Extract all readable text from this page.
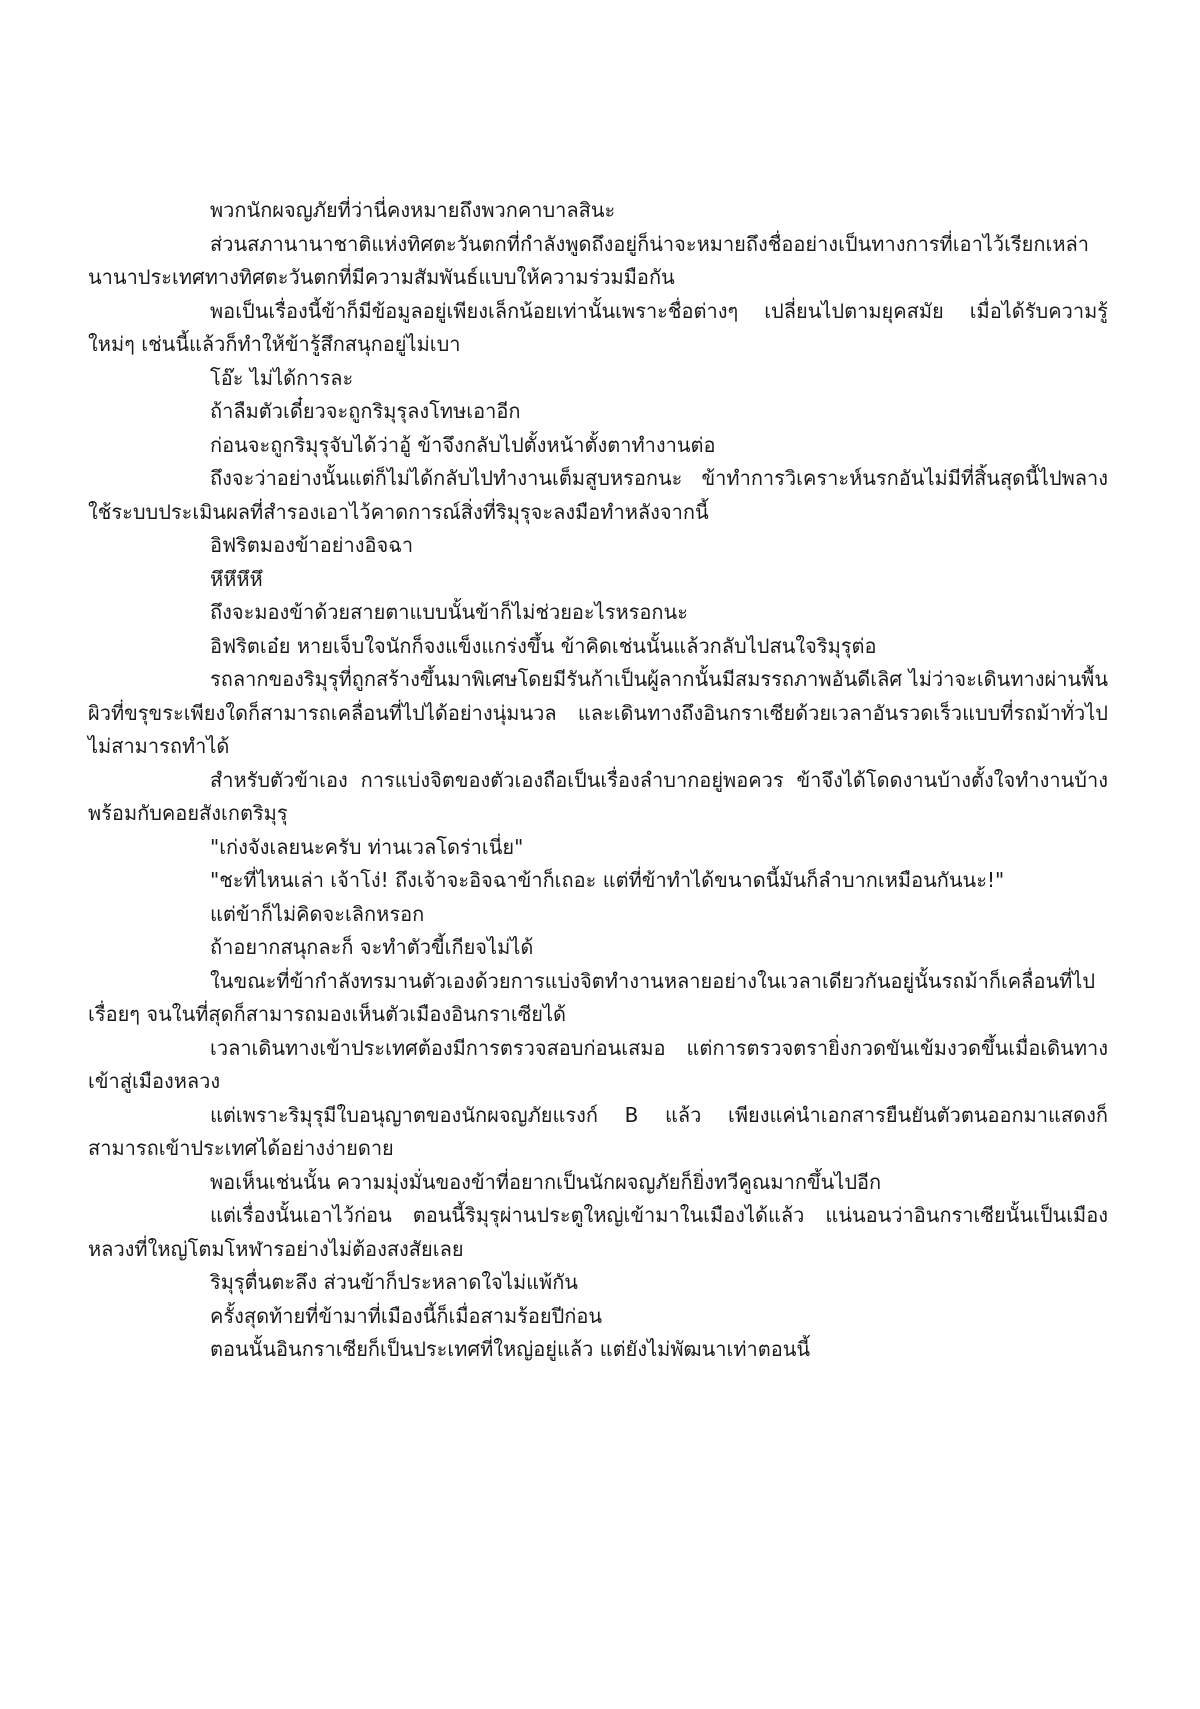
พวกนักผจญภัยที่ว่านี่คงหมายถึงพวกคาบาลสินะ

ส่วนสภานานาชาติแห่งทิศตะวันตกที่กำลังพูดถึงอยู่ก็น่าจะหมายถึงชื่ออย่างเป็นทางการที่เอาไว้เรียกเหล่านานาประเทศทางทิศตะวันตกที่มีความสัมพันธ์แบบให้ความร่วมมือกัน

พอเป็นเรื่องนี้ข้าก็มีข้อมูลอยู่เพียงเล็กน้อยเท่านั้นเพราะชื่อต่างๆ เปลี่ยนไปตามยุคสมัย เมื่อได้รับความรู้ใหม่ๆ เช่นนี้แล้วก็ทำให้ข้ารู้สึกสนุกอยู่ไม่เบา

โอ๊ะ ไม่ได้การละ

ถ้าลืมตัวเดี๋ยวจะถูกริมุรุลงโทษเอาอีก

ก่อนจะถูกริมุรุจับได้ว่าอู้ ข้าจึงกลับไปตั้งหน้าตั้งตาทำงานต่อ

ถึงจะว่าอย่างนั้นแต่ก็ไม่ได้กลับไปทำงานเต็มสูบหรอกนะ ข้าทำการวิเคราะห์นรกอันไม่มีที่สิ้นสุดนี้ไปพลางใช้ระบบประเมินผลที่สำรองเอาไว้คาดการณ์สิ่งที่ริมุรุจะลงมือทำหลังจากนี้

อิฟริตมองข้าอย่างอิจฉา

หึหึหึหึ

ถึงจะมองข้าด้วยสายตาแบบนั้นข้าก็ไม่ช่วยอะไรหรอกนะ

อิฟริตเอ๋ย หายเจ็บใจนักก็จงแข็งแกร่งขึ้น ข้าคิดเช่นนั้นแล้วกลับไปสนใจริมุรุต่อ

รถลากของริมุรุที่ถูกสร้างขึ้นมาพิเศษโดยมีรันก้าเป็นผู้ลากนั้นมีสมรรถภาพอันดีเลิศ ไม่ว่าจะเดินทางผ่านพื้นผิวที่ขรุขระเพียงใดก็สามารถเคลื่อนที่ไปได้อย่างนุ่มนวล และเดินทางถึงอินกราเซียด้วยเวลาอันรวดเร็วแบบที่รถม้าทั่วไปไม่สามารถทำได้

สำหรับตัวข้าเอง การแบ่งจิตของตัวเองถือเป็นเรื่องลำบากอยู่พอควร ข้าจึงได้โดดงานบ้างตั้งใจทำงานบ้างพร้อมกับคอยสังเกตริมุรุ

"เก่งจังเลยนะครับ ท่านเวลโดร่าเนี่ย"

"ชะที่ไหนเล่า เจ้าโง่! ถึงเจ้าจะอิจฉาข้าก็เถอะ แต่ที่ข้าทำได้ขนาดนี้มันก็ลำบากเหมือนกันนะ!"

แต่ข้าก็ไม่คิดจะเลิกหรอก

ถ้าอยากสนุกละก็ จะทำตัวขี้เกียจไม่ได้

ในขณะที่ข้ากำลังทรมานตัวเองด้วยการแบ่งจิตทำงานหลายอย่างในเวลาเดียวกันอยู่นั้นรถม้าก็เคลื่อนที่ไปเรื่อยๆ จนในที่สุดก็สามารถมองเห็นตัวเมืองอินกราเซียได้

เวลาเดินทางเข้าประเทศต้องมีการตรวจสอบก่อนเสมอ แต่การตรวจตรายิ่งกวดขันเข้มงวดขึ้นเมื่อเดินทางเข้าสู่เมืองหลวง

แต่เพราะริมุรุมีใบอนุญาตของนักผจญภัยแรงก์ B แล้ว เพียงแค่นำเอกสารยืนยันตัวตนออกมาแสดงก็สามารถเข้าประเทศได้อย่างง่ายดาย

พอเห็นเช่นนั้น ความมุ่งมั่นของข้าที่อยากเป็นนักผจญภัยก็ยิ่งทวีคูณมากขึ้นไปอีก

แต่เรื่องนั้นเอาไว้ก่อน ตอนนี้ริมุรุผ่านประตูใหญ่เข้ามาในเมืองได้แล้ว แน่นอนว่าอินกราเซียนั้นเป็นเมืองหลวงที่ใหญ่โตมโหฬารอย่างไม่ต้องสงสัยเลย

ริมุรุตื่นตะลึง ส่วนข้าก็ประหลาดใจไม่แพ้กัน

ครั้งสุดท้ายที่ข้ามาที่เมืองนี้ก็เมื่อสามร้อยปีก่อน

ตอนนั้นอินกราเซียก็เป็นประเทศที่ใหญ่อยู่แล้ว แต่ยังไม่พัฒนาเท่าตอนนี้
